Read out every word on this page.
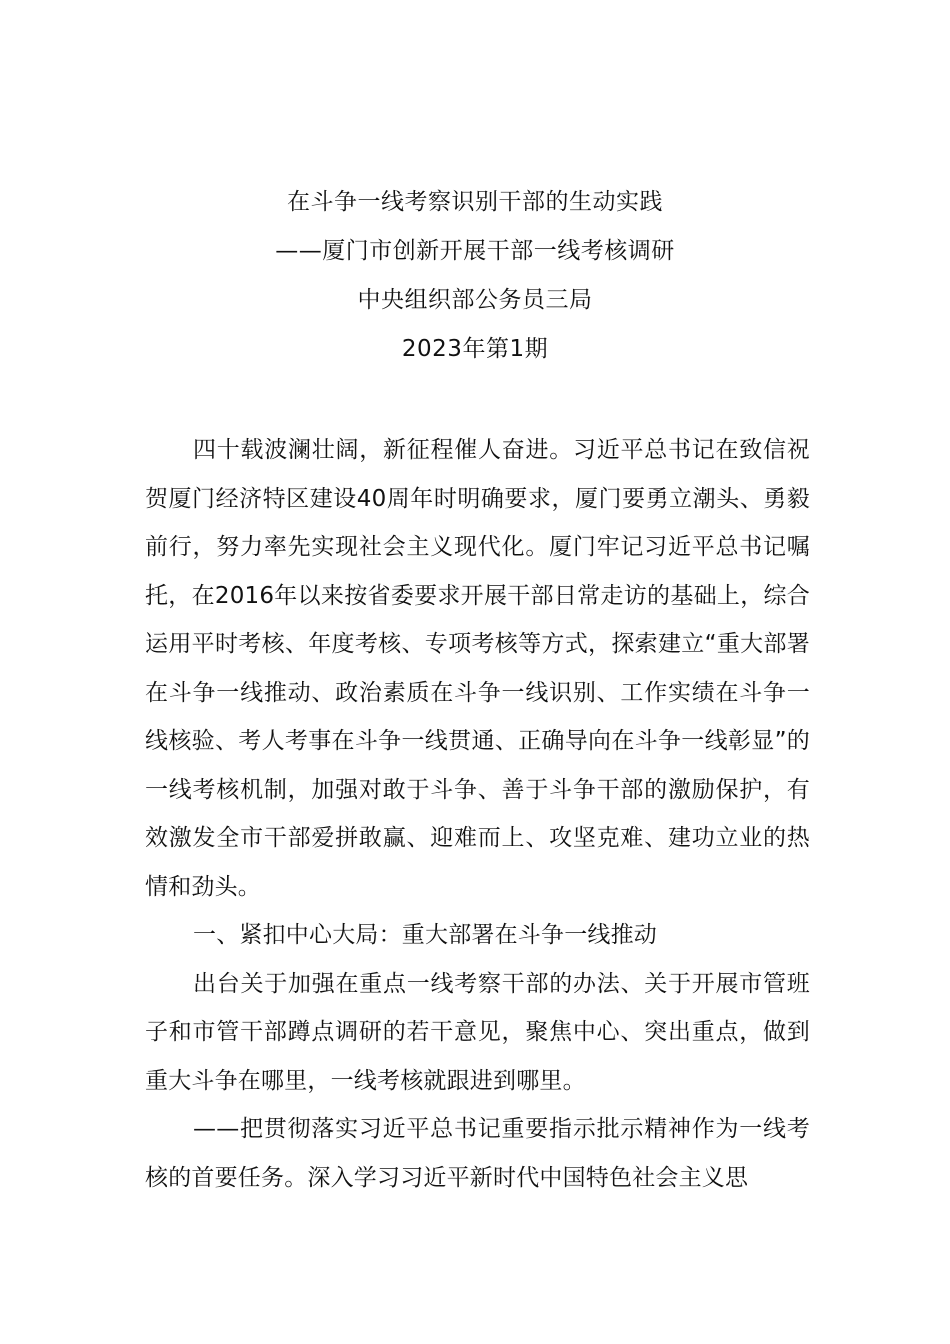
在斗争一线考察识别干部的生动实践
——厦门市创新开展干部一线考核调研
中央组织部公务员三局
2023年第1期

四十载波澜壮阔，新征程催人奋进。习近平总书记在致信祝贺厦门经济特区建设40周年时明确要求，厦门要勇立潮头、勇毅前行，努力率先实现社会主义现代化。厦门牢记习近平总书记嘱托，在2016年以来按省委要求开展干部日常走访的基础上，综合运用平时考核、年度考核、专项考核等方式，探索建立“重大部署在斗争一线推动、政治素质在斗争一线识别、工作实绩在斗争一线核验、考人考事在斗争一线贯通、正确导向在斗争一线彰显”的一线考核机制，加强对敢于斗争、善于斗争干部的激励保护，有效激发全市干部爱拼敢赢、迎难而上、攻坚克难、建功立业的热情和劲头。

一、紧扣中心大局：重大部署在斗争一线推动

出台关于加强在重点一线考察干部的办法、关于开展市管班子和市管干部蹲点调研的若干意见，聚焦中心、突出重点，做到重大斗争在哪里，一线考核就跟进到哪里。

——把贯彻落实习近平总书记重要指示批示精神作为一线考核的首要任务。深入学习习近平新时代中国特色社会主义思
